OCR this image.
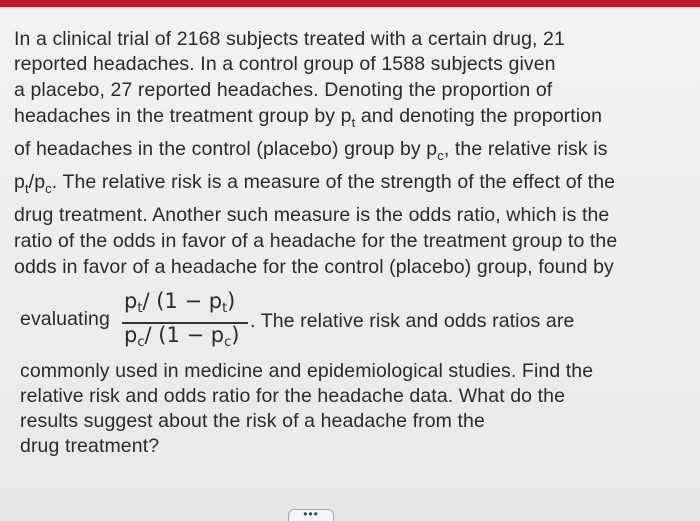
In a clinical trial of 2168 subjects treated with a certain drug, 21
reported headaches. In a control group of 1588 subjects given
a placebo, 27 reported headaches. Denoting the proportion of
headaches in the treatment group by $p_t$ and denoting the proportion
of headaches in the control (placebo) group by $p_c$, the relative risk is
$p_t/p_c$. The relative risk is a measure of the strength of the effect of the
drug treatment. Another such measure is the odds ratio, which is the
ratio of the odds in favor of a headache for the treatment group to the
odds in favor of a headache for the control (placebo) group, found by
evaluating
pt/ (1 − pt)
pc/ (1 − pc)
. The relative risk and odds ratios are
commonly used in medicine and epidemiological studies. Find the
relative risk and odds ratio for the headache data. What do the
results suggest about the risk of a headache from the
drug treatment?
•••
